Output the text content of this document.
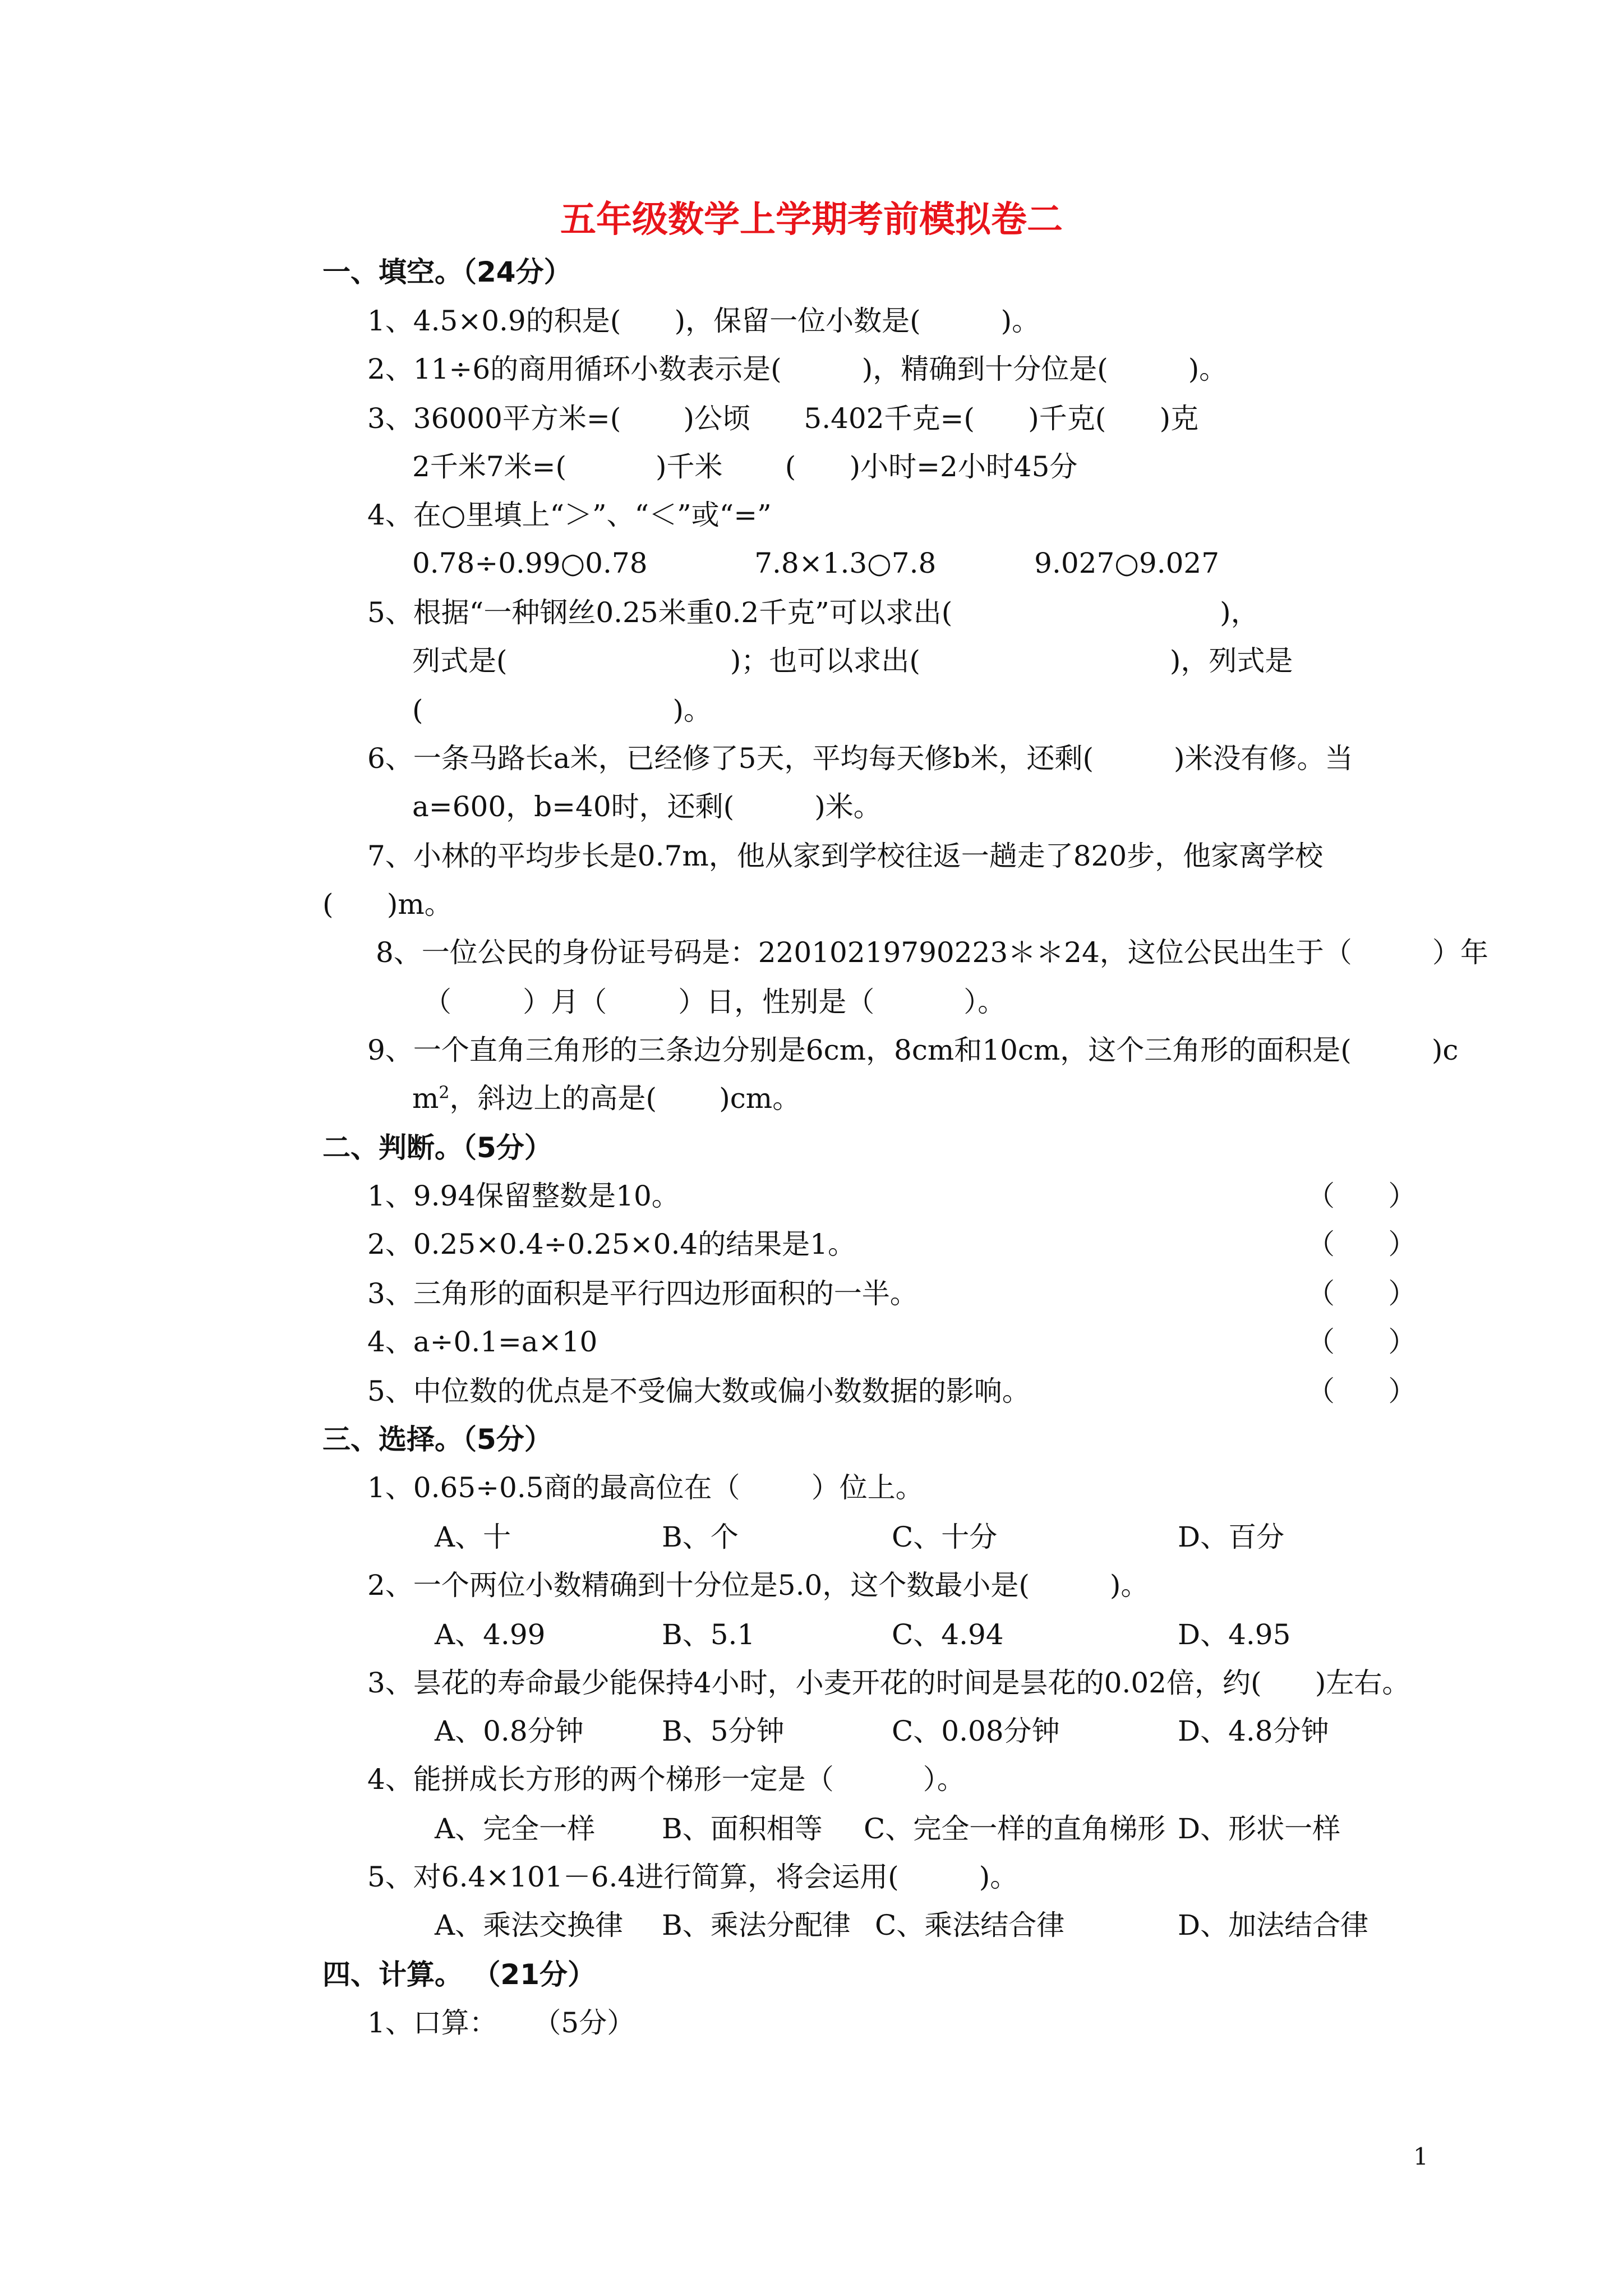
五年级数学上学期考前模拟卷二
一、填空。（24分）
1、4.5×0.9的积是(      )，保留一位小数是(         )。
2、11÷6的商用循环小数表示是(         )，精确到十分位是(         )。
3、36000平方米=(       )公顷      5.402千克=(      )千克(      )克
2千米7米=(          )千米       (      )小时=2小时45分
4、在○里填上“＞”、“＜”或“=”
0.78÷0.99○0.78            7.8×1.3○7.8           9.027○9.027
5、根据“一种钢丝0.25米重0.2千克”可以求出(                              )，
列式是(                         )；也可以求出(                            )，列式是
(                            )。
6、一条马路长a米，已经修了5天，平均每天修b米，还剩(         )米没有修。当
a=600，b=40时，还剩(         )米。
7、小林的平均步长是0.7m，他从家到学校往返一趟走了820步，他家离学校
(      )m。
8、一位公民的身份证号码是：22010219790223＊＊24，这位公民出生于（         ）年
（        ）月（        ）日，性别是（          ）。
9、一个直角三角形的三条边分别是6cm，8cm和10cm，这个三角形的面积是(         )c
$m^2$，斜边上的高是(       )cm。
二、判断。（5分）
1、9.94保留整数是10。	（      ）
2、0.25×0.4÷0.25×0.4的结果是1。	（      ）
3、三角形的面积是平行四边形面积的一半。	（      ）
4、a÷0.1=a×10	（      ）
5、中位数的优点是不受偏大数或偏小数数据的影响。	（      ）
三、选择。（5分）
1、0.65÷0.5商的最高位在（        ）位上。
A、十	B、个	C、十分	D、百分
2、一个两位小数精确到十分位是5.0，这个数最小是(         )。
A、4.99	B、5.1	C、4.94	D、4.95
3、昙花的寿命最少能保持4小时，小麦开花的时间是昙花的0.02倍，约(      )左右。
A、0.8分钟	B、5分钟	C、0.08分钟	D、4.8分钟
4、能拼成长方形的两个梯形一定是（          ）。
A、完全一样 B、面积相等 C、完全一样的直角梯形 D、形状一样
5、对6.4×101－6.4进行简算，将会运用(         )。
A、乘法交换律 B、乘法分配律 C、乘法结合律	D、加法结合律
四、计算。 （21分）
1、口算：    （5分）
1
